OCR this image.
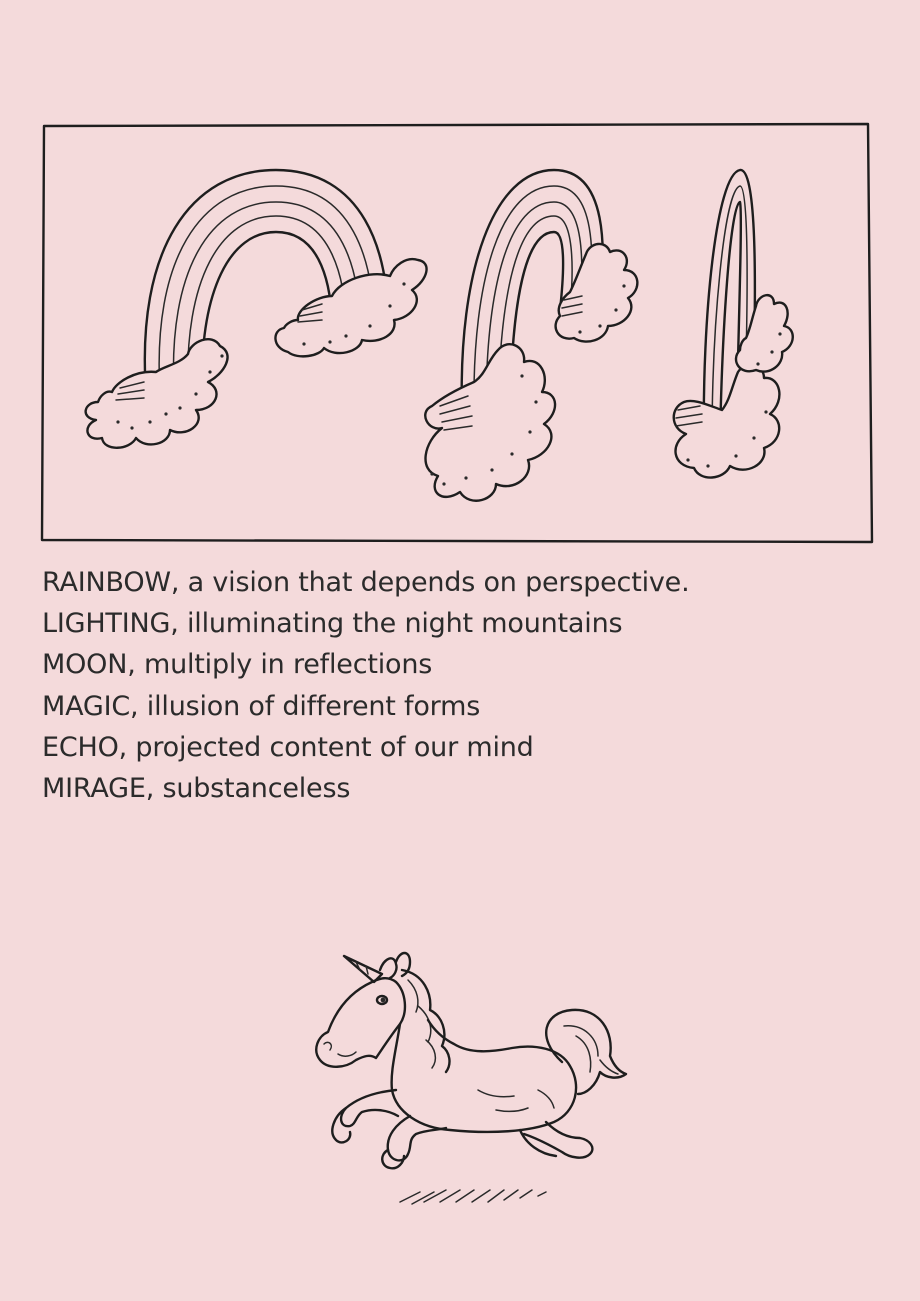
RAINBOW, a vision that depends on perspective.
LIGHTING, illuminating the night mountains
MOON, multiply in reflections
MAGIC, illusion of different forms
ECHO, projected content of our mind
MIRAGE, substanceless
